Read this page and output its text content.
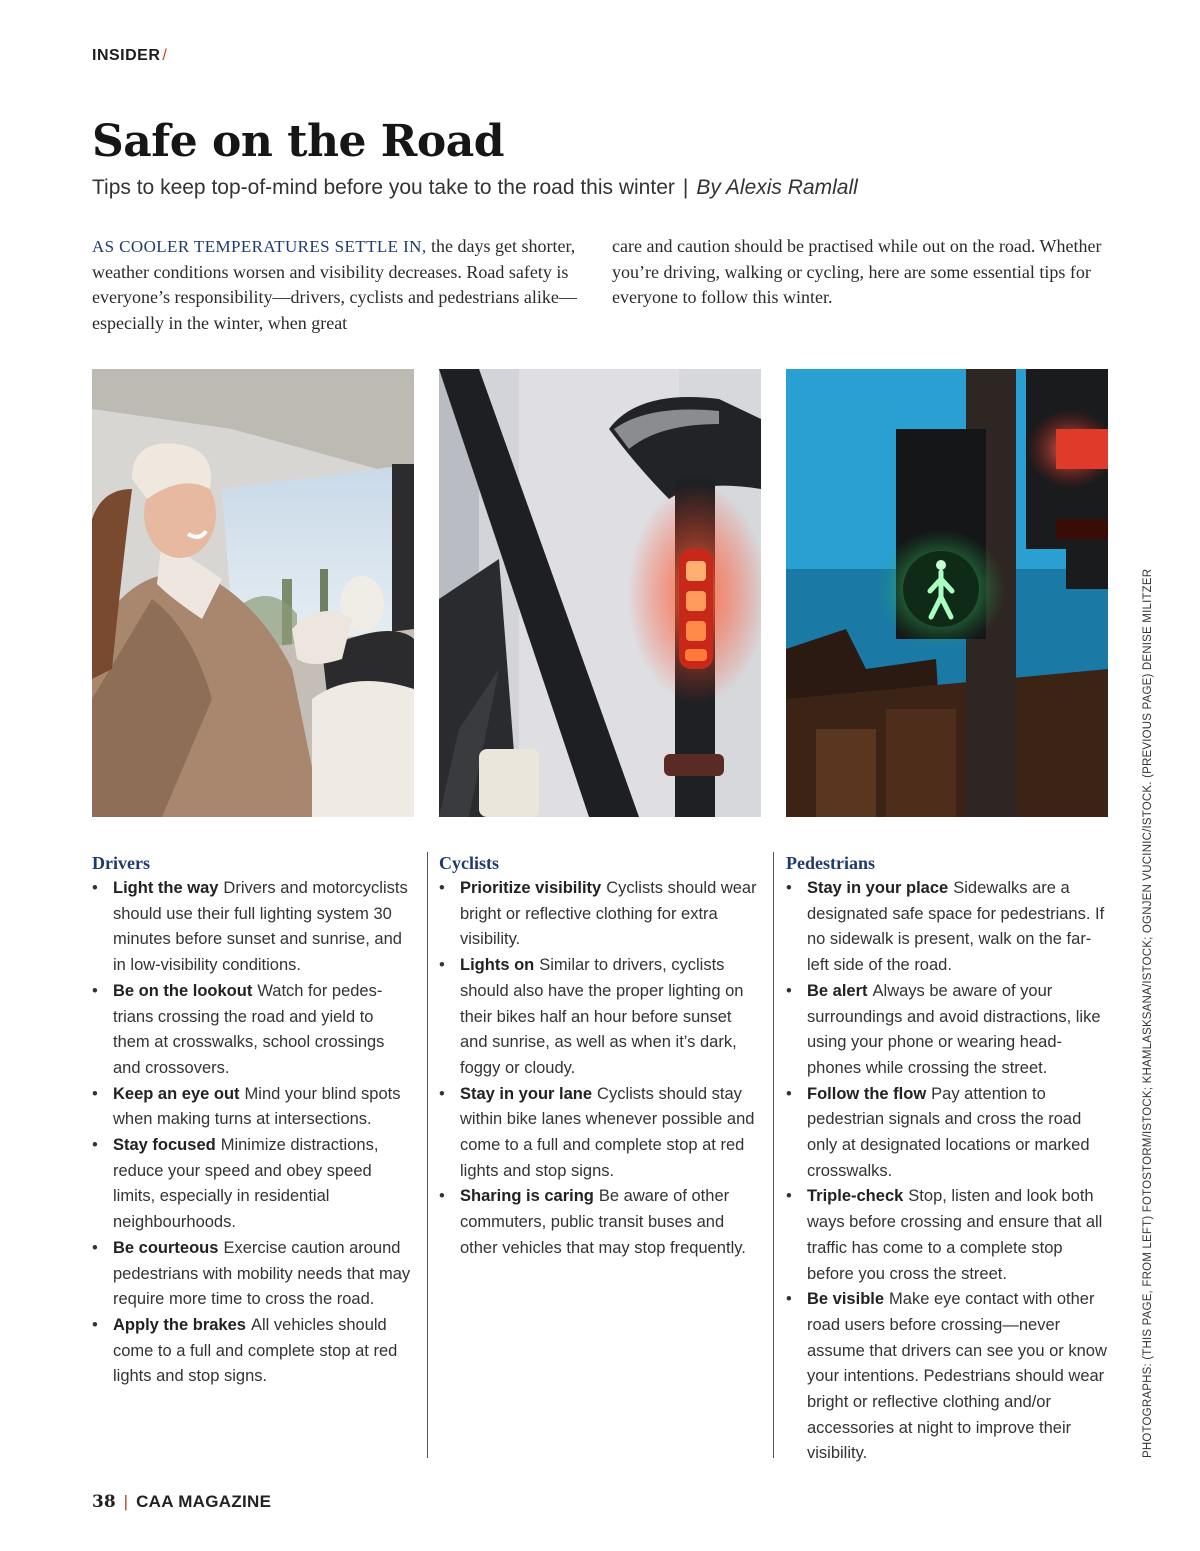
INSIDER /
Safe on the Road
Tips to keep top-of-mind before you take to the road this winter | By Alexis Ramlall
AS COOLER TEMPERATURES SETTLE IN, the days get shorter, weather conditions worsen and visibility decreases. Road safety is everyone’s responsibility—drivers, cyclists and pedestrians alike—especially in the winter, when great
care and caution should be practised while out on the road. Whether you’re driving, walking or cycling, here are some essential tips for everyone to follow this winter.
Drivers
• Light the way Drivers and motorcyclists should use their full lighting system 30 minutes before sunset and sunrise, and in low-visibility conditions.
• Be on the lookout Watch for pedes-trians crossing the road and yield to them at crosswalks, school crossings and crossovers.
• Keep an eye out Mind your blind spots when making turns at intersections.
• Stay focused Minimize distractions, reduce your speed and obey speed limits, especially in residential neighbourhoods.
• Be courteous Exercise caution around pedestrians with mobility needs that may require more time to cross the road.
• Apply the brakes All vehicles should come to a full and complete stop at red lights and stop signs.
Cyclists
• Prioritize visibility Cyclists should wear bright or reflective clothing for extra visibility.
• Lights on Similar to drivers, cyclists should also have the proper lighting on their bikes half an hour before sunset and sunrise, as well as when it’s dark, foggy or cloudy.
• Stay in your lane Cyclists should stay within bike lanes whenever possible and come to a full and complete stop at red lights and stop signs.
• Sharing is caring Be aware of other commuters, public transit buses and other vehicles that may stop frequently.
Pedestrians
• Stay in your place Sidewalks are a designated safe space for pedestrians. If no sidewalk is present, walk on the far-left side of the road.
• Be alert Always be aware of your surroundings and avoid distractions, like using your phone or wearing head-phones while crossing the street.
• Follow the flow Pay attention to pedestrian signals and cross the road only at designated locations or marked crosswalks.
• Triple-check Stop, listen and look both ways before crossing and ensure that all traffic has come to a complete stop before you cross the street.
• Be visible Make eye contact with other road users before crossing—never assume that drivers can see you or know your intentions. Pedestrians should wear bright or reflective clothing and/or accessories at night to improve their visibility.	PHOTOGRAPHS: (THIS PAGE, FROM LEFT) FOTOSTORM/ISTOCK; KHAMLASKSANA/ISTOCK; OGNJEN VUCINIC/ISTOCK. (PREVIOUS PAGE) DENISE MILITZER
38 | CAA MAGAZINE
